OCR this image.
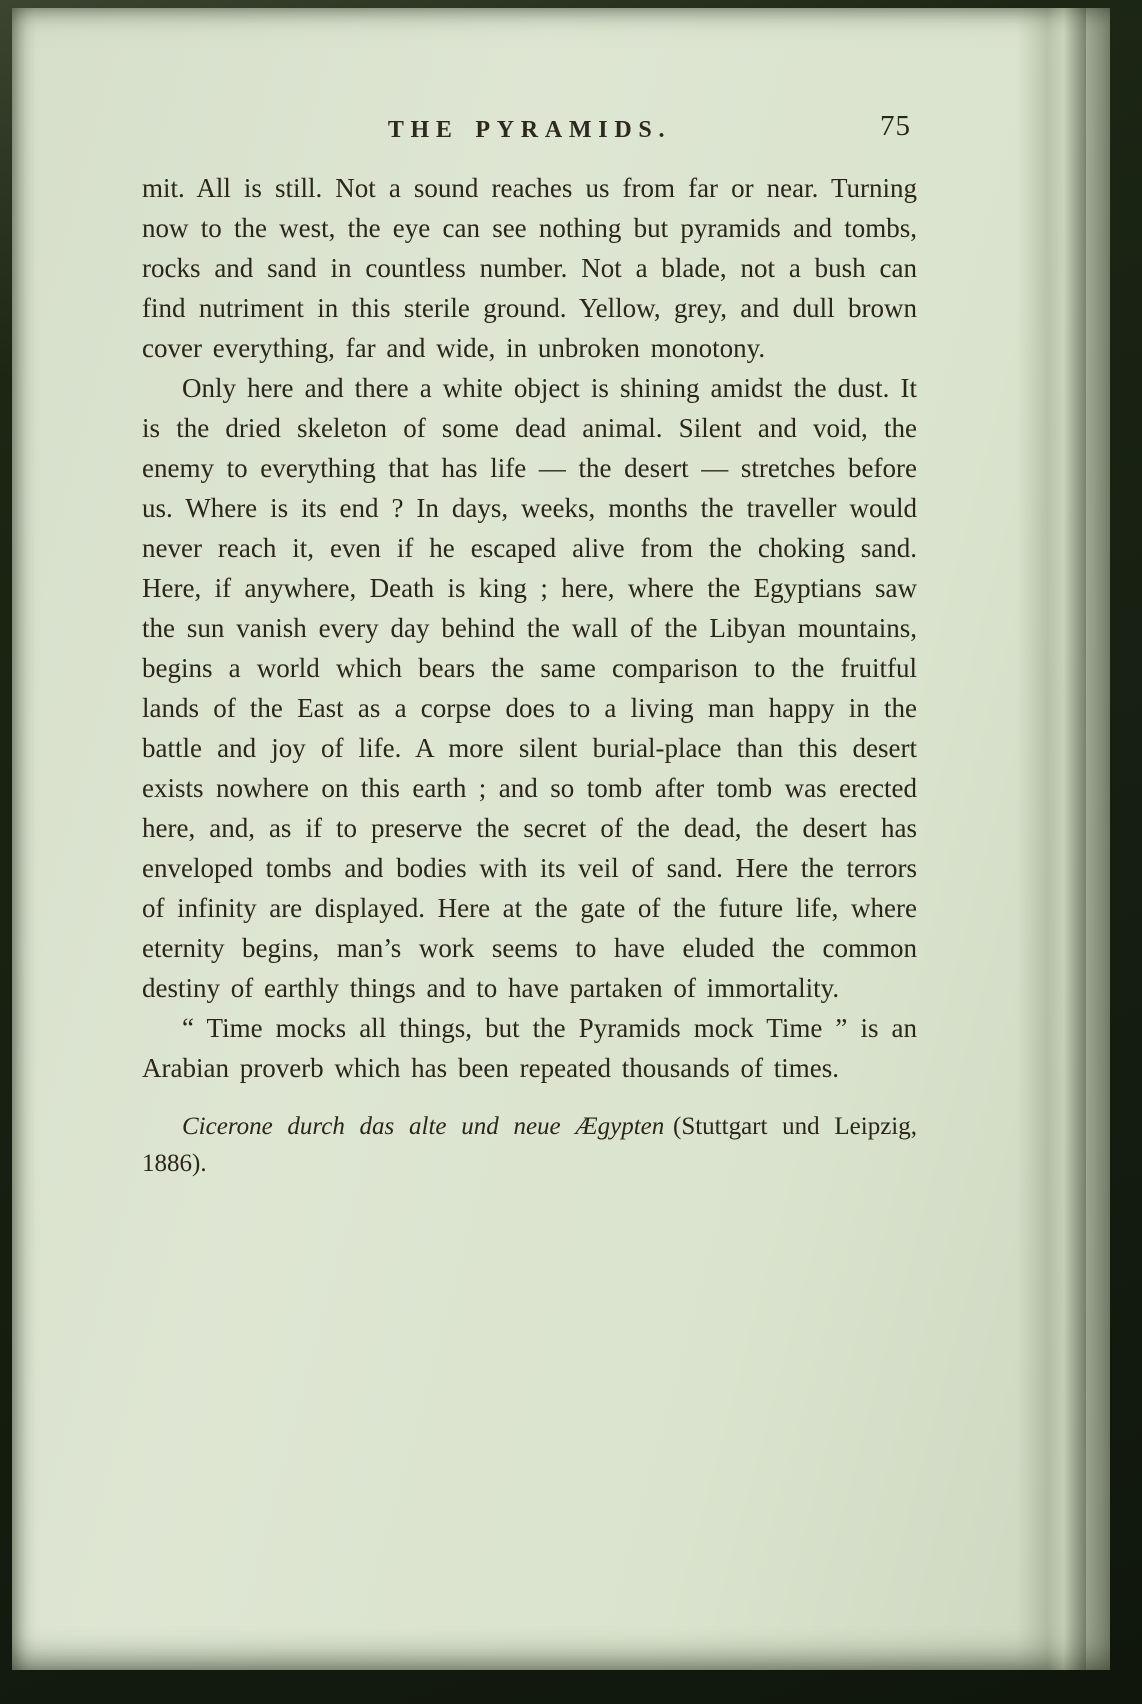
THE PYRAMIDS.	75

mit. All is still. Not a sound reaches us from far or near. Turning now to the west, the eye can see nothing but pyramids and tombs, rocks and sand in countless number. Not a blade, not a bush can find nutriment in this sterile ground. Yellow, grey, and dull brown cover everything, far and wide, in unbroken monotony.

Only here and there a white object is shining amidst the dust. It is the dried skeleton of some dead animal. Silent and void, the enemy to everything that has life — the desert — stretches before us. Where is its end ? In days, weeks, months the traveller would never reach it, even if he escaped alive from the choking sand. Here, if anywhere, Death is king ; here, where the Egyptians saw the sun vanish every day behind the wall of the Libyan mountains, begins a world which bears the same comparison to the fruitful lands of the East as a corpse does to a living man happy in the battle and joy of life. A more silent burial-place than this desert exists nowhere on this earth ; and so tomb after tomb was erected here, and, as if to preserve the secret of the dead, the desert has enveloped tombs and bodies with its veil of sand. Here the terrors of infinity are displayed. Here at the gate of the future life, where eternity begins, man’s work seems to have eluded the common destiny of earthly things and to have partaken of immortality.

“ Time mocks all things, but the Pyramids mock Time ” is an Arabian proverb which has been repeated thousands of times.

Cicerone durch das alte und neue Ægypten (Stuttgart und Leipzig, 1886).
